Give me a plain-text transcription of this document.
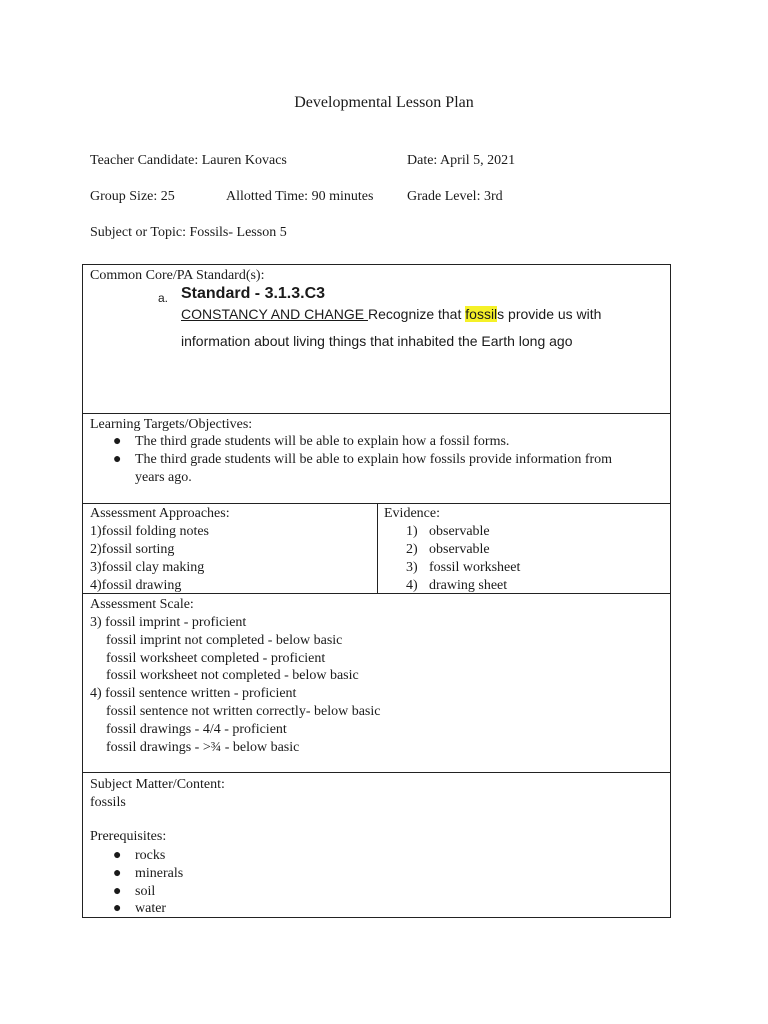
Developmental Lesson Plan
Teacher Candidate: Lauren Kovacs	Date: April 5, 2021
Group Size: 25	Allotted Time: 90 minutes Grade Level: 3rd
Subject or Topic: Fossils- Lesson 5
Common Core/PA Standard(s):
a. Standard - 3.1.3.C3
CONSTANCY AND CHANGE Recognize that fossils provide us with
information about living things that inhabited the Earth long ago
Learning Targets/Objectives:
● The third grade students will be able to explain how a fossil forms.
● The third grade students will be able to explain how fossils provide information from
years ago.
Assessment Approaches:
1)fossil folding notes
2)fossil sorting
3)fossil clay making
4)fossil drawing
Evidence:
1) observable
2) observable
3) fossil worksheet
4) drawing sheet
Assessment Scale:
3) fossil imprint - proficient
fossil imprint not completed - below basic
fossil worksheet completed - proficient
fossil worksheet not completed - below basic
4) fossil sentence written - proficient
fossil sentence not written correctly- below basic
fossil drawings - 4/4 - proficient
fossil drawings - >¾ - below basic
Subject Matter/Content:
fossils
Prerequisites:
● rocks
● minerals
● soil
● water
